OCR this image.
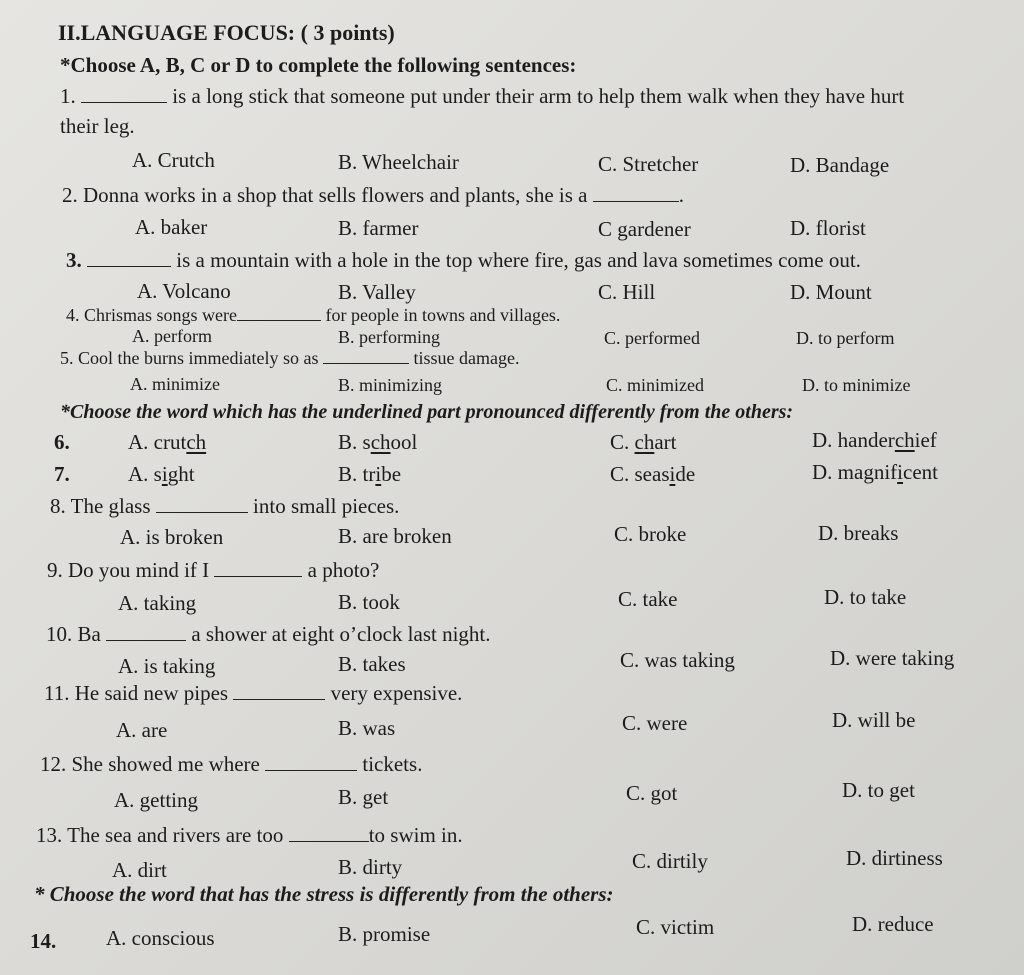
II.LANGUAGE FOCUS: ( 3 points)
*Choose A, B, C or D to complete the following sentences:
1.	is a long stick that someone put under their arm to help them walk when they have hurt
their leg.
A. Crutch	B. Wheelchair	C. Stretcher	D. Bandage
2. Donna works in a shop that sells flowers and plants, she is a	.
A. baker	B. farmer	C gardener	D. florist
3.	is a mountain with a hole in the top where fire, gas and lava sometimes come out.
A. Volcano	B. Valley	C. Hill	D. Mount
4. Chrismas songs were	for people in towns and villages.
A. perform	B. performing	C. performed	D. to perform
5. Cool the burns immediately so as	tissue damage.
A. minimize	B. minimizing	C. minimized	D. to minimize
*Choose the word which has the underlined part pronounced differently from the others:
6.	A. crutch	B. school	C. chart	D. handerchief
7.	A. sight	B. tribe	C. seaside	D. magnificent
8. The glass	into small pieces.
A. is broken	B. are broken	C. broke	D. breaks
9. Do you mind if I	a photo?
A. taking	B. took	C. take	D. to take
10. Ba	a shower at eight o’clock last night.
A. is taking	B. takes	C. was taking	D. were taking
11. He said new pipes	very expensive.
A. are	B. was	C. were	D. will be
12. She showed me where	tickets.
A. getting	B. get	C. got	D. to get
13. The sea and rivers are too	to swim in.
A. dirt	B. dirty	C. dirtily	D. dirtiness
* Choose the word that has the stress is differently from the others:
14. A. conscious	B. promise	C. victim	D. reduce
